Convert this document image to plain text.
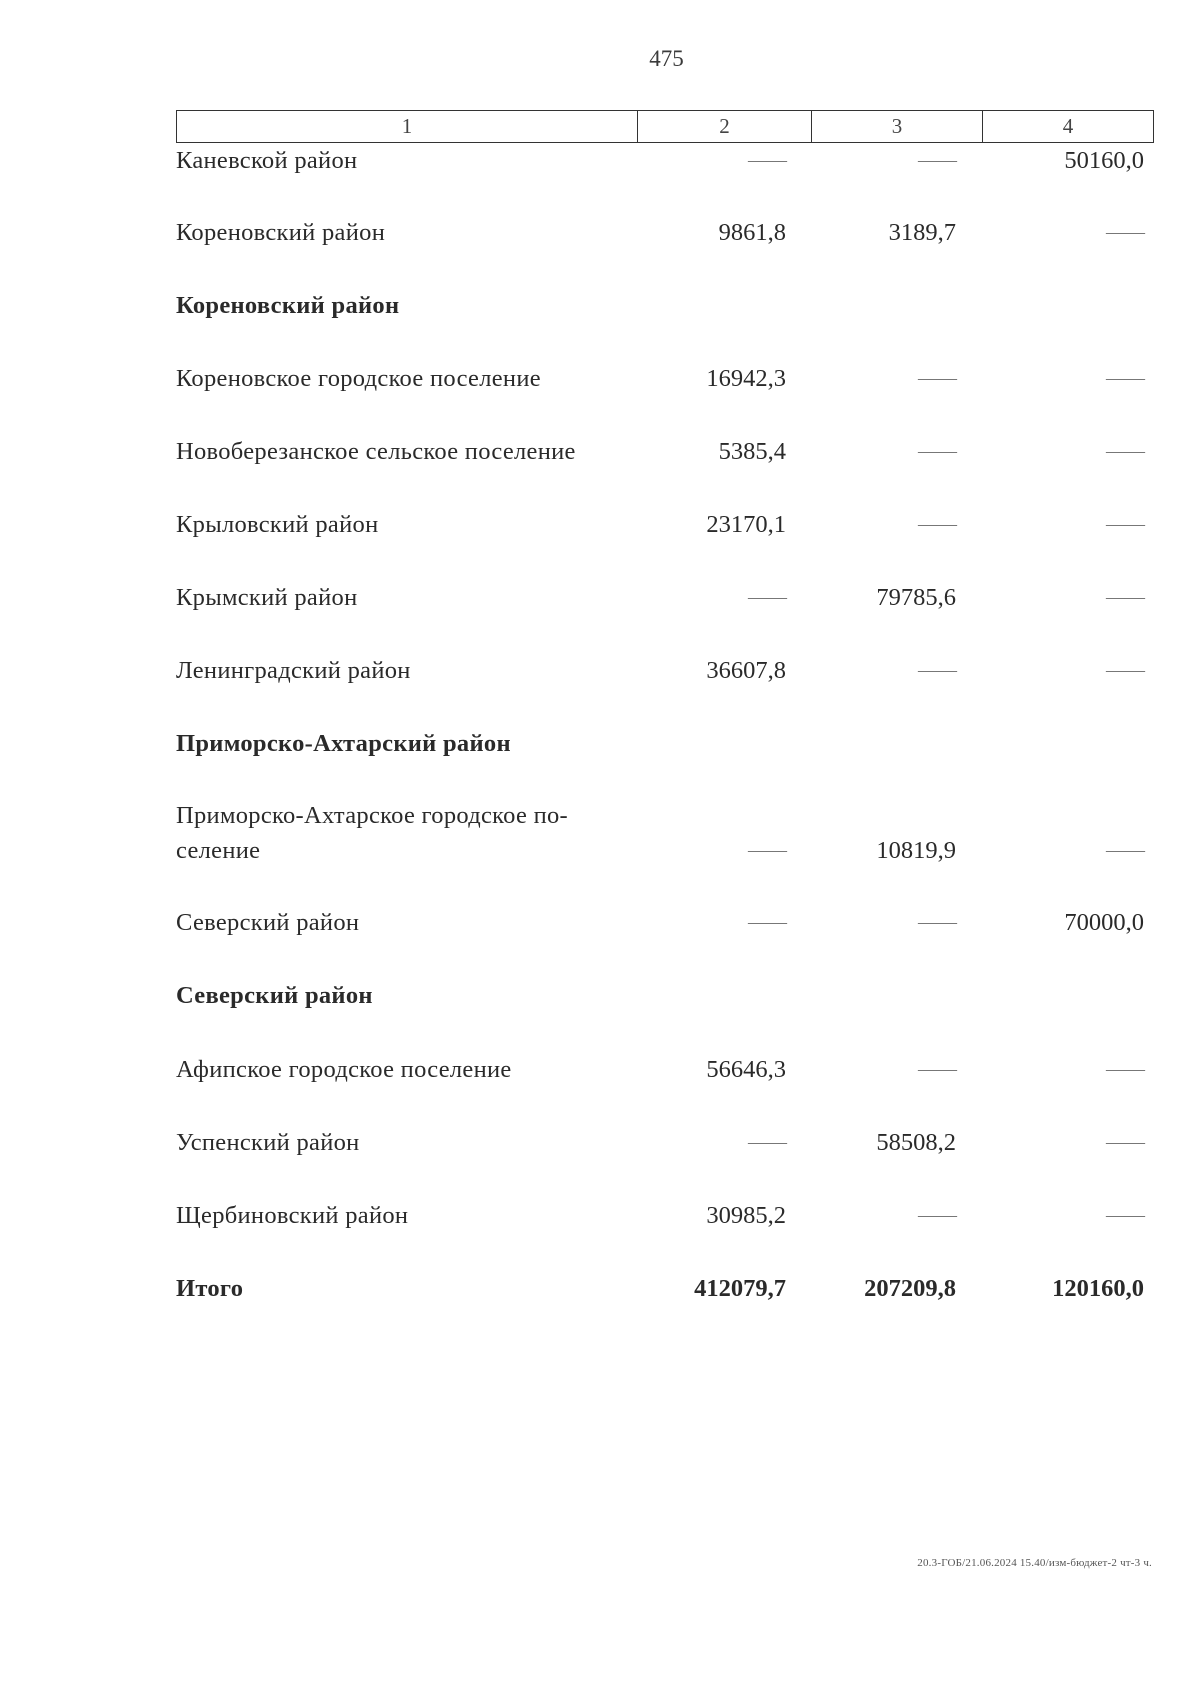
475
1	2	3	4
Каневской район	——	——	50160,0
Кореновский район	9861,8	3189,7	——
Кореновский район
Кореновское городское поселение	16942,3	——	——
Новоберезанское сельское поселение	5385,4	——	——
Крыловский район	23170,1	——	——
Крымский район	——	79785,6	——
Ленинградский район	36607,8	——	——
Приморско-Ахтарский район
Приморско-Ахтарское городское по-
селение	——	10819,9	——
Северский район	——	——	70000,0
Северский район
Афипское городское поселение	56646,3	——	——
Успенский район	——	58508,2	——
Щербиновский район	30985,2	——	——
Итого	412079,7	207209,8	120160,0
20.3-ГОБ/21.06.2024 15.40/изм-бюджет-2 чт-3 ч.
